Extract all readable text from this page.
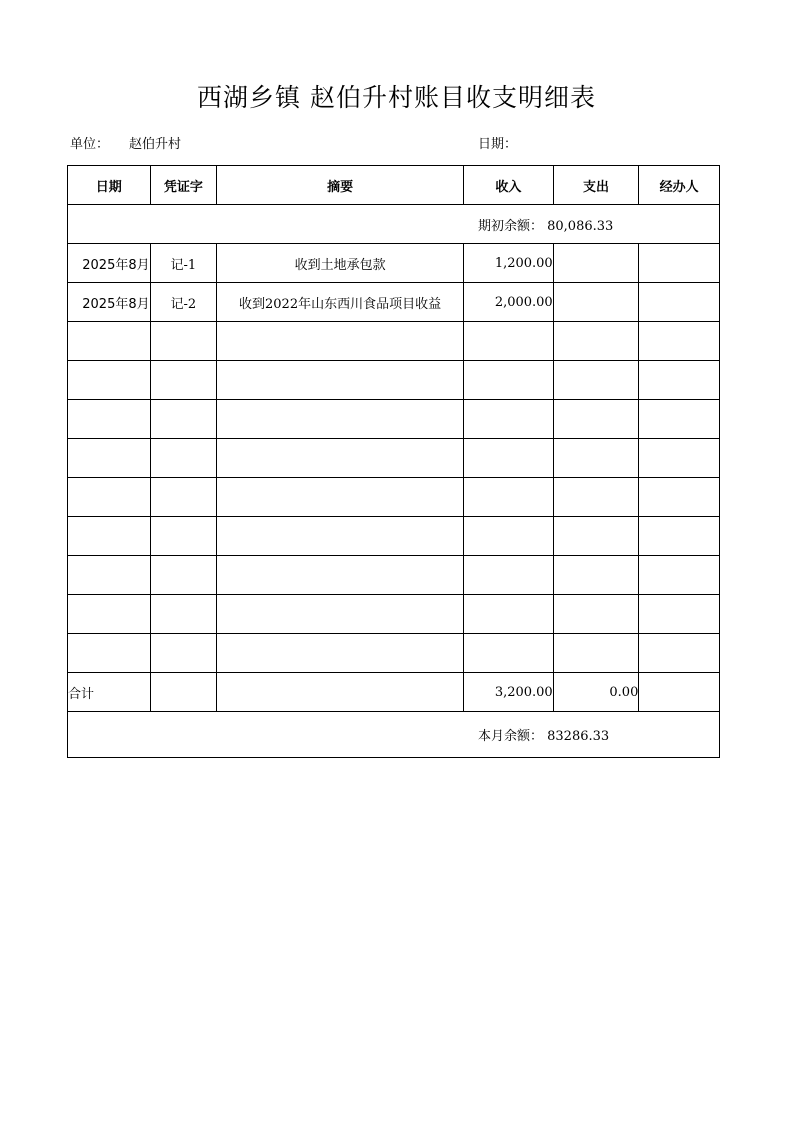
西湖乡镇 赵伯升村账目收支明细表
单位： 赵伯升村	日期：
日期	凭证字	摘要	收入	支出	经办人
期初余额： 80,086.33					
2025年8月	记-1	收到土地承包款	1,200.00		
2025年8月	记-2	收到2022年山东西川食品项目收益	2,000.00		

合计			3,200.00	0.00	
本月余额： 83286.33					
